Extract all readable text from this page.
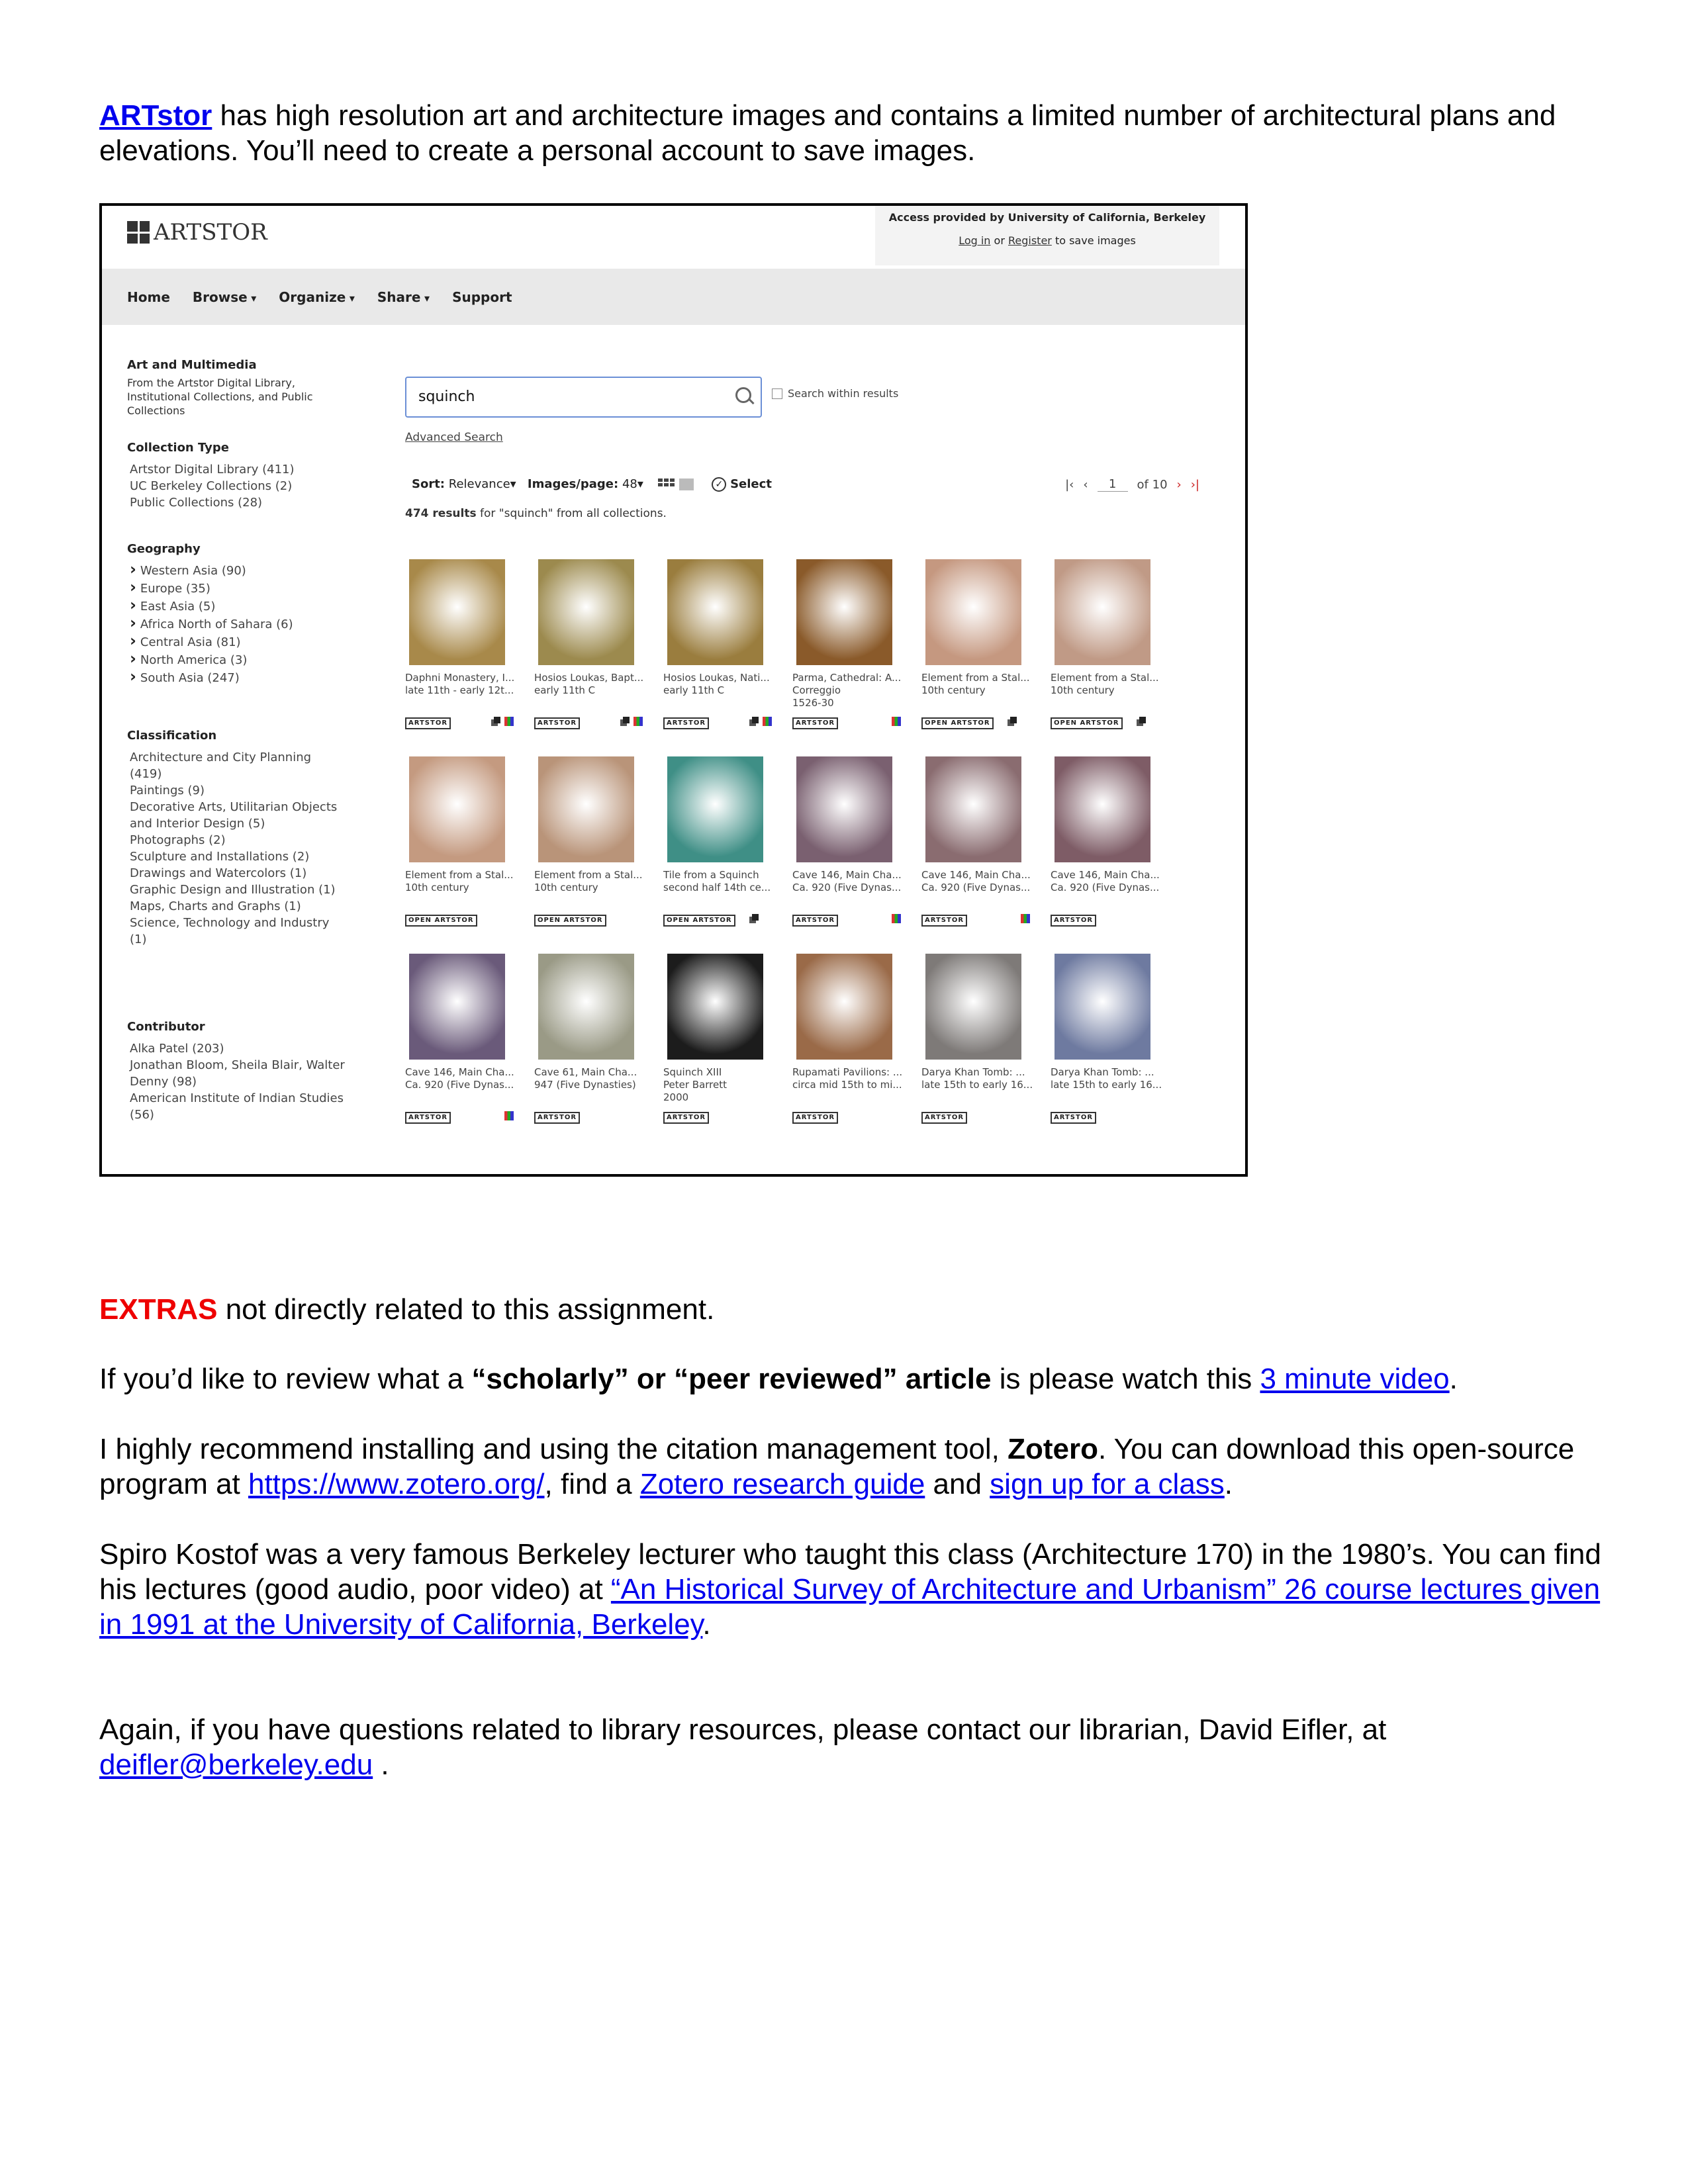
ARTstor has high resolution art and architecture images and contains a limited number of architectural plans and elevations. You’ll need to create a personal account to save images.
ARTSTOR
Access provided by University of California, Berkeley
Log in or Register to save images
Home Browse ▾	Organize ▾	Share ▾	Support
Art and Multimedia
From the Artstor Digital Library, Institutional Collections, and Public Collections
Collection Type
Artstor Digital Library (411)
UC Berkeley Collections (2)
Public Collections (28)
Geography
› Western Asia (90)
› Europe (35)
› East Asia (5)
› Africa North of Sahara (6)
› Central Asia (81)
› North America (3)
› South Asia (247)
Classification
Architecture and City Planning (419)
Paintings (9)
Decorative Arts, Utilitarian Objects and Interior Design (5)
Photographs (2)
Sculpture and Installations (2)
Drawings and Watercolors (1)
Graphic Design and Illustration (1)
Maps, Charts and Graphs (1)
Science, Technology and Industry (1)
Contributor
Alka Patel (203)
Jonathan Bloom, Sheila Blair, Walter Denny (98)
American Institute of Indian Studies (56)
squinch	Search within results
Advanced Search
Sort: Relevance▾ Images/page: 48▾	✓ Select	|‹ ‹	1	of 10 › ›|
474 results for "squinch" from all collections.
Daphni Monastery, I...
late 11th - early 12t...
ARTSTOR
Hosios Loukas, Bapt...
early 11th C
ARTSTOR
Hosios Loukas, Nati...
early 11th C
ARTSTOR
Parma, Cathedral: A...
Correggio
1526-30
ARTSTOR
Element from a Stal...
10th century
OPEN ARTSTOR
Element from a Stal...
10th century
OPEN ARTSTOR
Element from a Stal...
10th century
OPEN ARTSTOR
Element from a Stal...
10th century
OPEN ARTSTOR
Tile from a Squinch
second half 14th ce...
OPEN ARTSTOR
Cave 146, Main Cha...
Ca. 920 (Five Dynas...
ARTSTOR
Cave 146, Main Cha...
Ca. 920 (Five Dynas...
ARTSTOR
Cave 146, Main Cha...
Ca. 920 (Five Dynas...
ARTSTOR
Cave 146, Main Cha...
Ca. 920 (Five Dynas...
ARTSTOR
Cave 61, Main Cha...
947 (Five Dynasties)
ARTSTOR
Squinch XIII
Peter Barrett
2000
ARTSTOR
Rupamati Pavilions: ...
circa mid 15th to mi...
ARTSTOR
Darya Khan Tomb: ...
late 15th to early 16...
ARTSTOR
Darya Khan Tomb: ...
late 15th to early 16...
ARTSTOR
EXTRAS not directly related to this assignment.
If you’d like to review what a “scholarly” or “peer reviewed” article is please watch this 3 minute video.
I highly recommend installing and using the citation management tool, Zotero. You can download this open-source program at https://www.zotero.org/, find a Zotero research guide and sign up for a class.
Spiro Kostof was a very famous Berkeley lecturer who taught this class (Architecture 170) in the 1980’s. You can find his lectures (good audio, poor video) at “An Historical Survey of Architecture and Urbanism” 26 course lectures given in 1991 at the University of California, Berkeley.
Again, if you have questions related to library resources, please contact our librarian, David Eifler, at deifler@berkeley.edu .
